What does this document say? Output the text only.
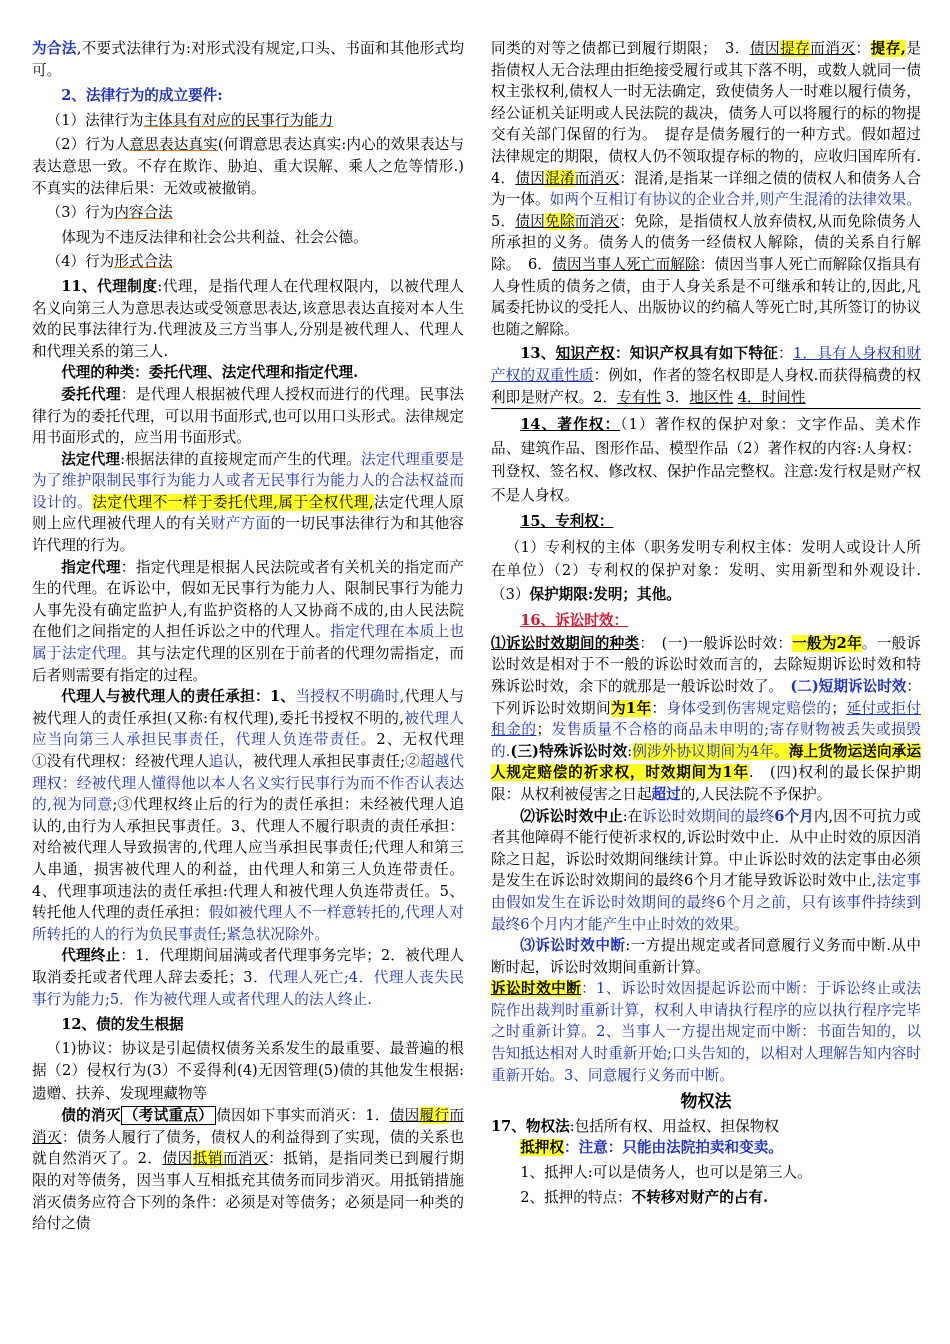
为合法,不要式法律行为:对形式没有规定,口头、书面和其他形式均可。

2、法律行为的成立要件:

（1）法律行为主体具有对应的民事行为能力

（2）行为人意思表达真实(何谓意思表达真实:内心的效果表达与表达意思一致。不存在欺诈、胁迫、重大误解、乘人之危等情形.)不真实的法律后果：无效或被撤销。

（3）行为内容合法

体现为不违反法律和社会公共利益、社会公德。

（4）行为形式合法

11、代理制度:代理，是指代理人在代理权限内，以被代理人名义向第三人为意思表达或受领意思表达,该意思表达直接对本人生效的民事法律行为.代理波及三方当事人,分别是被代理人、代理人和代理关系的第三人.

代理的种类：委托代理、法定代理和指定代理.

委托代理：是代理人根据被代理人授权而进行的代理。民事法律行为的委托代理，可以用书面形式,也可以用口头形式。法律规定用书面形式的，应当用书面形式。

法定代理:根据法律的直接规定而产生的代理。法定代理重要是为了维护限制民事行为能力人或者无民事行为能力人的合法权益而设计的。法定代理不一样于委托代理,属于全权代理,法定代理人原则上应代理被代理人的有关财产方面的一切民事法律行为和其他容许代理的行为。

指定代理：指定代理是根据人民法院或者有关机关的指定而产生的代理。在诉讼中，假如无民事行为能力人、限制民事行为能力人事先没有确定监护人,有监护资格的人又协商不成的,由人民法院在他们之间指定的人担任诉讼之中的代理人。指定代理在本质上也属于法定代理。其与法定代理的区别在于前者的代理勿需指定，而后者则需要有指定的过程。

代理人与被代理人的责任承担：1、当授权不明确时,代理人与被代理人的责任承担(又称:有权代理),委托书授权不明的,被代理人应当向第三人承担民事责任，代理人负连带责任。2、无权代理　①没有代理权：经被代理人追认，被代理人承担民事责任;②超越代理权：经被代理人懂得他以本人名义实行民事行为而不作否认表达的,视为同意;③代理权终止后的行为的责任承担：未经被代理人追认的,由行为人承担民事责任。3、代理人不履行职责的责任承担：对给被代理人导致损害的,代理人应当承担民事责任;代理人和第三人串通，损害被代理人的利益，由代理人和第三人负连带责任。4、代理事项违法的责任承担:代理人和被代理人负连带责任。5、转托他人代理的责任承担：假如被代理人不一样意转托的,代理人对所转托的人的行为负民事责任;紧急状况除外。

代理终止：1．代理期间届满或者代理事务完毕；2．被代理人取消委托或者代理人辞去委托；3．代理人死亡;4．代理人丧失民事行为能力;5．作为被代理人或者代理人的法人终止.

12、债的发生根据

（1)协议：协议是引起债权债务关系发生的最重要、最普遍的根据（2）侵权行为(3）不妥得利(4)无因管理(5)债的其他发生根据:遗赠、扶养、发现埋藏物等

债的消灭 （考试重点） 债因如下事实而消灭：1．债因履行而消灭：债务人履行了债务，债权人的利益得到了实现，债的关系也就自然消灭了。2．债因抵销而消灭：抵销，是指同类已到履行期限的对等债务，因当事人互相抵充其债务而同步消灭。用抵销措施消灭债务应符合下列的条件：必须是对等债务；必须是同一种类的给付之债

同类的对等之债都已到履行期限；　3．债因提存而消灭：提存,是指债权人无合法理由拒绝接受履行或其下落不明，或数人就同一债权主张权利,债权人一时无法确定，致使债务人一时难以履行债务，经公证机关证明或人民法院的裁决，债务人可以将履行的标的物提交有关部门保留的行为。　提存是债务履行的一种方式。假如超过法律规定的期限，债权人仍不领取提存标的物的，应收归国库所有.4．债因混淆而消灭：混淆,是指某一详细之债的债权人和债务人合为一体。如两个互相订有协议的企业合并,则产生混淆的法律效果。5．债因免除而消灭：免除，是指债权人放弃债权,从而免除债务人所承担的义务。债务人的债务一经债权人解除，债的关系自行解除。　6．债因当事人死亡而解除：债因当事人死亡而解除仅指具有人身性质的债务之债，由于人身关系是不可继承和转让的,因此,凡属委托协议的受托人、出版协议的约稿人等死亡时,其所签订的协议也随之解除。

13、知识产权：知识产权具有如下特征：1．具有人身权和财产权的双重性质：例如，作者的签名权即是人身权.而获得稿费的权利即是财产权。2．专有性 3．地区性 4．时间性

14、著作权：（1）著作权的保护对象：文字作品、美术作品、建筑作品、图形作品、模型作品（2）著作权的内容:人身权：刊登权、签名权、修改权、保护作品完整权。注意:发行权是财产权不是人身权。

15、专利权：

（1）专利权的主体（职务发明专利权主体：发明人或设计人所在单位）（2）专利权的保护对象：发明、实用新型和外观设计.（3）保护期限:发明；其他。

16、诉讼时效：

⑴诉讼时效期间的种类：　(一)一般诉讼时效：一般为2年。一般诉讼时效是相对于不一般的诉讼时效而言的，去除短期诉讼时效和特殊诉讼时效，余下的就那是一般诉讼时效了。　(二)短期诉讼时效：下列诉讼时效期间为1年：身体受到伤害规定赔偿的；延付或拒付租金的；发售质量不合格的商品未申明的;寄存财物被丢失或损毁的.(三)特殊诉讼时效:例涉外协议期间为4年。海上货物运送向承运人规定赔偿的祈求权，时效期间为1年.　(四)权利的最长保护期限：从权利被侵害之日起超过的,人民法院不予保护。

⑵诉讼时效中止:在诉讼时效期间的最终6个月内,因不可抗力或者其他障碍不能行使祈求权的,诉讼时效中止．从中止时效的原因消除之日起，诉讼时效期间继续计算。中止诉讼时效的法定事由必须是发生在诉讼时效期间的最终6个月才能导致诉讼时效中止,法定事由假如发生在诉讼时效期间的最终6个月之前，只有该事件持续到最终6个月内才能产生中止时效的效果。

⑶诉讼时效中断:一方提出规定或者同意履行义务而中断.从中断时起，诉讼时效期间重新计算。

诉讼时效中断：1、诉讼时效因提起诉讼而中断：于诉讼终止或法院作出裁判时重新计算，权利人申请执行程序的应以执行程序完毕之时重新计算。2、当事人一方提出规定而中断：书面告知的，以告知抵达相对人时重新开始;口头告知的，以相对人理解告知内容时重新开始。3、同意履行义务而中断。

物权法

17、物权法:包括所有权、用益权、担保物权

抵押权：注意：只能由法院拍卖和变卖。

1、抵押人:可以是债务人，也可以是第三人。

2、抵押的特点：不转移对财产的占有.
